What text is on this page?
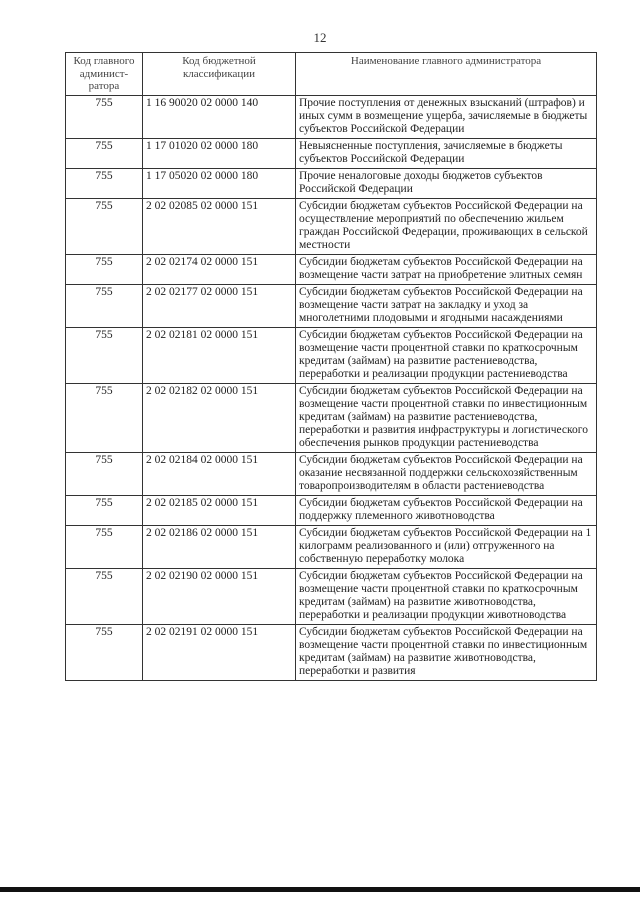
12
Код главного админист- ратора	Код бюджетной классификации	Наименование главного администратора
755	1 16 90020 02 0000 140	Прочие поступления от денежных взысканий (штрафов) и иных сумм в возмещение ущерба, зачисляемые в бюджеты субъектов Российской Федерации
755	1 17 01020 02 0000 180	Невыясненные поступления, зачисляемые в бюджеты субъектов Российской Федерации
755	1 17 05020 02 0000 180	Прочие неналоговые доходы бюджетов субъектов Российской Федерации
755	2 02 02085 02 0000 151	Субсидии бюджетам субъектов Российской Федерации на осуществление мероприятий по обеспечению жильем граждан Российской Федерации, проживающих в сельской местности
755	2 02 02174 02 0000 151	Субсидии бюджетам субъектов Российской Федерации на возмещение части затрат на приобретение элитных семян
755	2 02 02177 02 0000 151	Субсидии бюджетам субъектов Российской Федерации на возмещение части затрат на закладку и уход за многолетними плодовыми и ягодными насаждениями
755	2 02 02181 02 0000 151	Субсидии бюджетам субъектов Российской Федерации на возмещение части процентной ставки по краткосрочным кредитам (займам) на развитие растениеводства, переработки и реализации продукции растениеводства
755	2 02 02182 02 0000 151	Субсидии бюджетам субъектов Российской Федерации на возмещение части процентной ставки по инвестиционным кредитам (займам) на развитие растениеводства, переработки и развития инфраструктуры и логистического обеспечения рынков продукции растениеводства
755	2 02 02184 02 0000 151	Субсидии бюджетам субъектов Российской Федерации на оказание несвязанной поддержки сельскохозяйственным товаропроизводителям в области растениеводства
755	2 02 02185 02 0000 151	Субсидии бюджетам субъектов Российской Федерации на поддержку племенного животноводства
755	2 02 02186 02 0000 151	Субсидии бюджетам субъектов Российской Федерации на 1 килограмм реализованного и (или) отгруженного на собственную переработку молока
755	2 02 02190 02 0000 151	Субсидии бюджетам субъектов Российской Федерации на возмещение части процентной ставки по краткосрочным кредитам (займам) на развитие животноводства, переработки и реализации продукции животноводства
755	2 02 02191 02 0000 151	Субсидии бюджетам субъектов Российской Федерации на возмещение части процентной ставки по инвестиционным кредитам (займам) на развитие животноводства, переработки и развития
